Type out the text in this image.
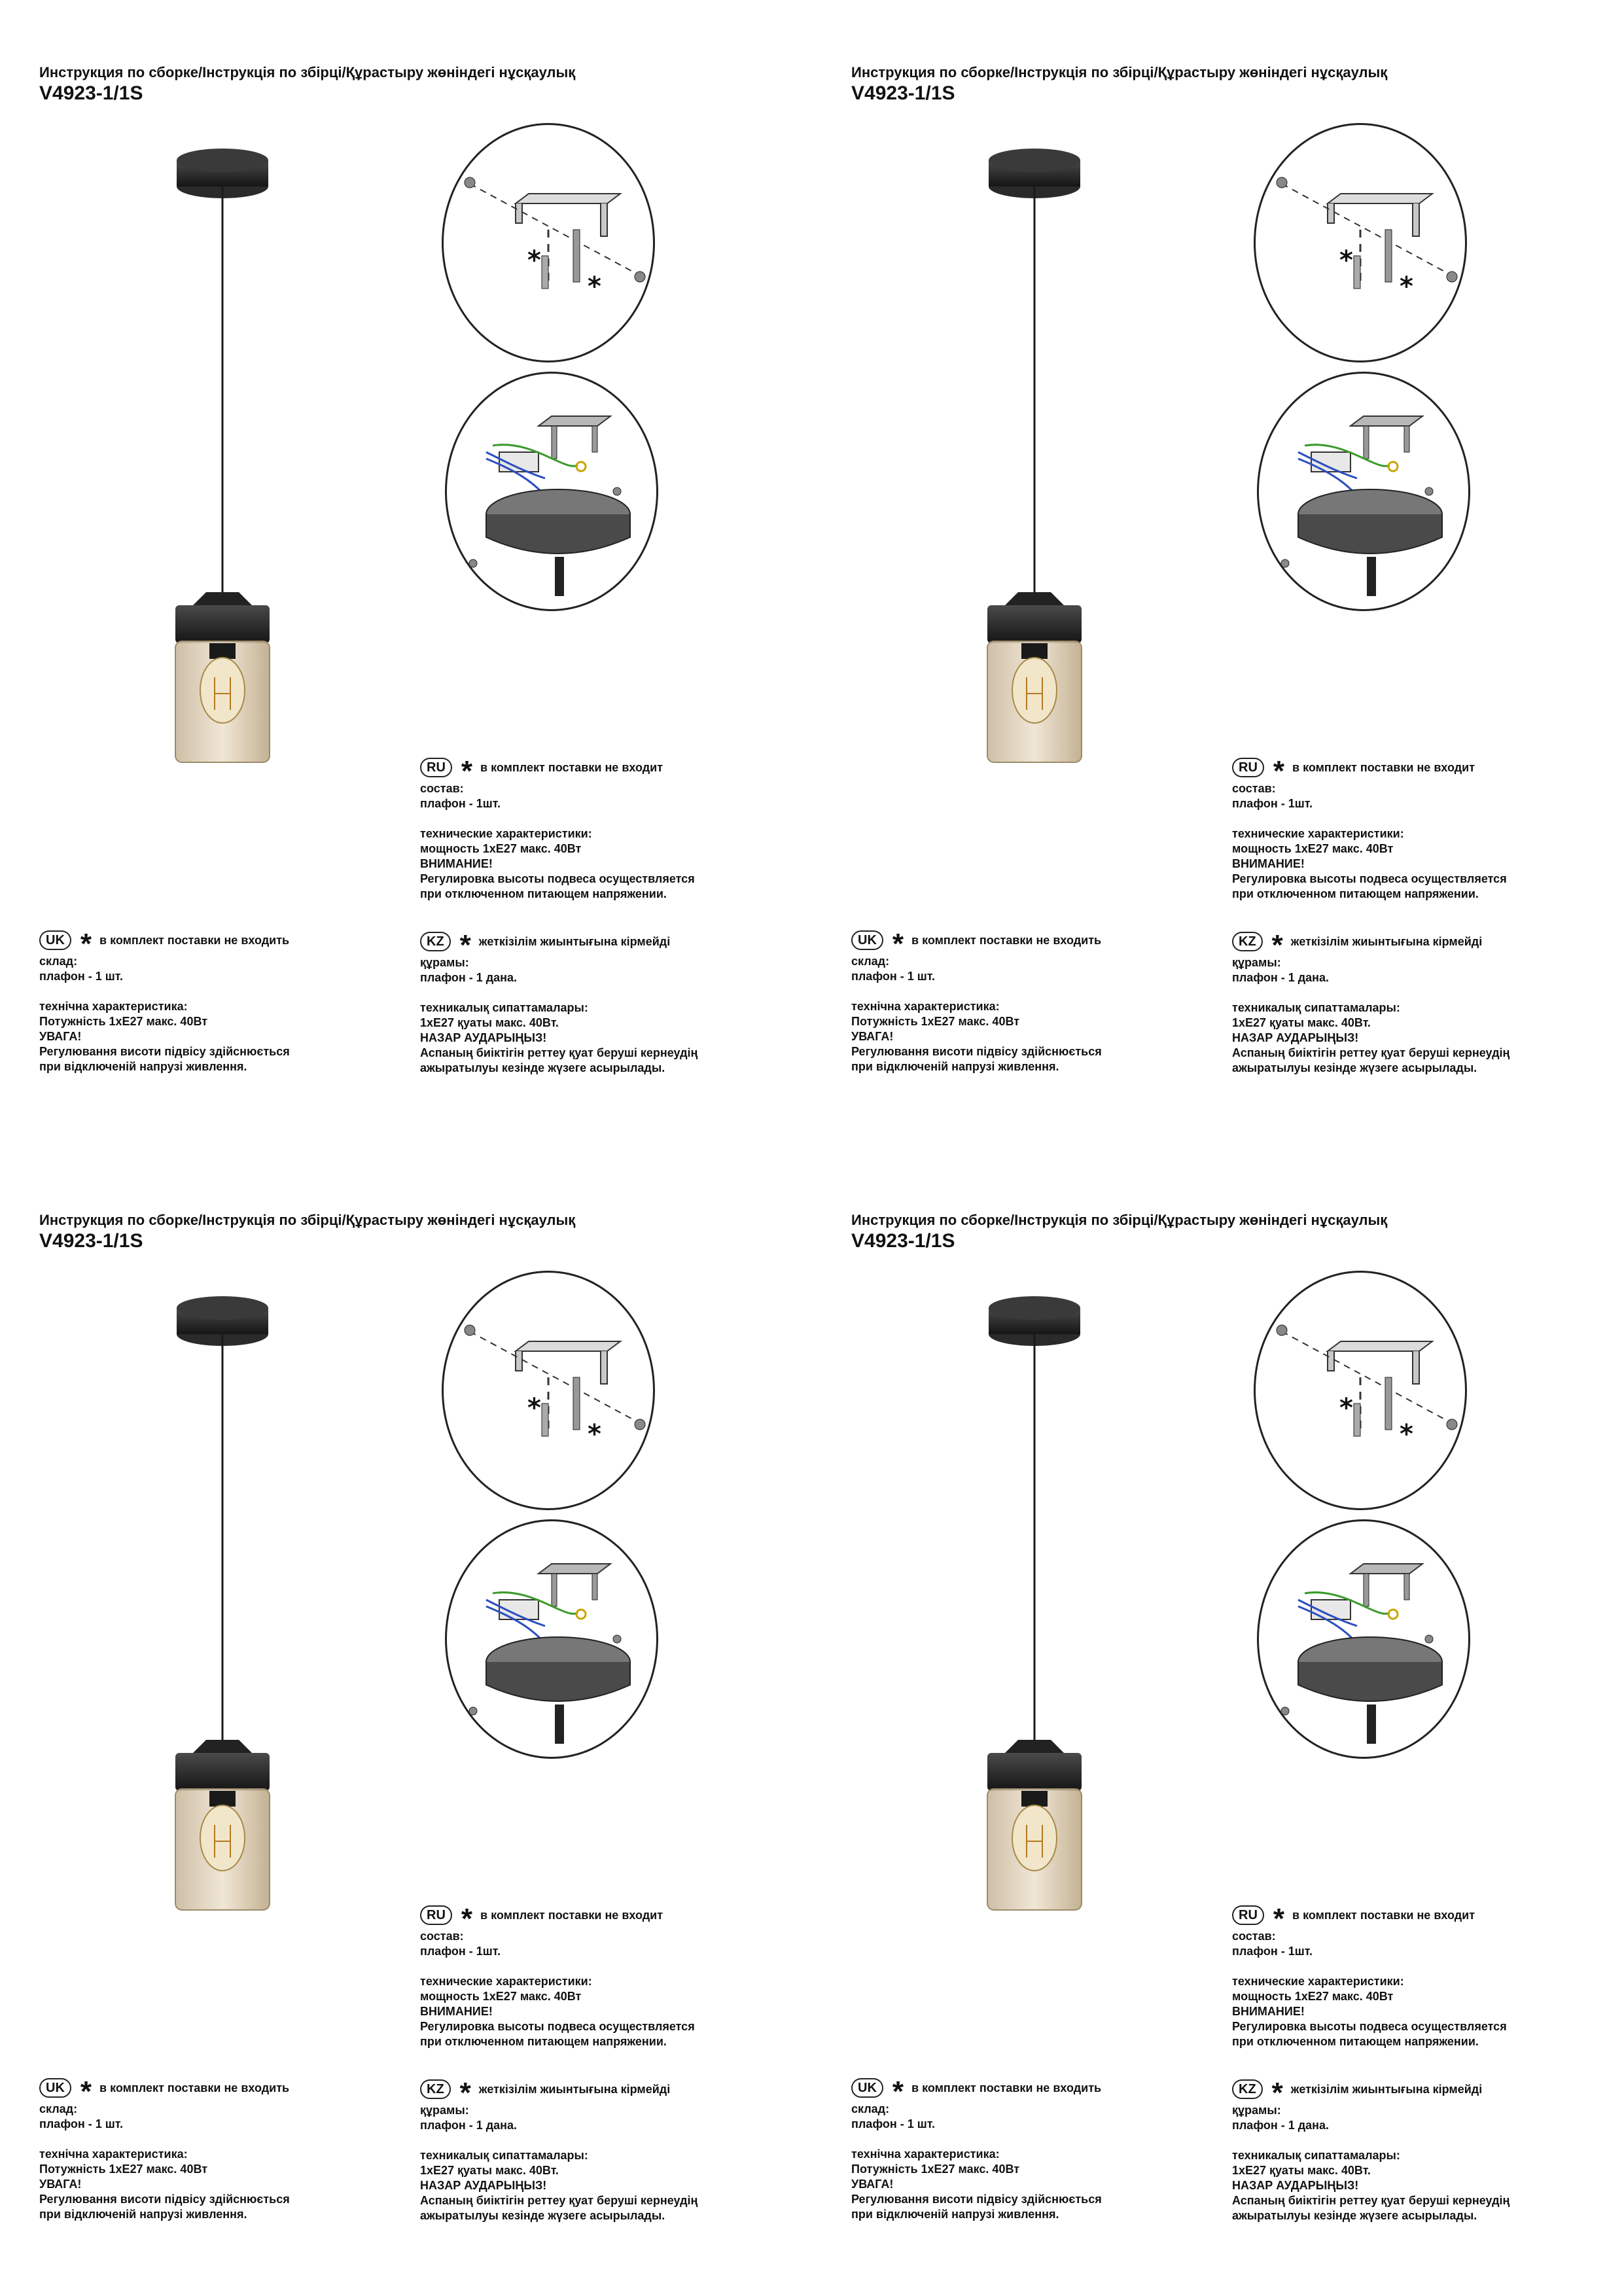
Инструкция по сборке/Інструкція по збірці/Құрастыру жөніндегі нұсқаулық
V4923-1/1S
*
*
RU * в комплект поставки не входит
состав:
плафон - 1шт.
технические характеристики:
мощность 1хЕ27 макс. 40Вт
ВНИМАНИЕ!
Регулировка высоты подвеса осуществляется
при отключенном питающем напряжении.
UK * в комплект поставки не входить
склад:
плафон - 1 шт.
технічна характеристика:
Потужність 1хЕ27 макс. 40Вт
УВАГА!
Регулювання висоти підвісу здійснюється
при відключеній напрузі живлення.
KZ * жеткізілім жиынтығына кірмейді
құрамы:
плафон - 1 дана.
техникалық сипаттамалары:
1хЕ27 қуаты макс. 40Вт.
НАЗАР АУДАРЫҢЫЗ!
Аспаның биіктігін реттеу қуат беруші кернеудің
ажыратылуы кезінде жүзеге асырылады.
Инструкция по сборке/Інструкція по збірці/Құрастыру жөніндегі нұсқаулық
V4923-1/1S
*
*
RU * в комплект поставки не входит
состав:
плафон - 1шт.
технические характеристики:
мощность 1хЕ27 макс. 40Вт
ВНИМАНИЕ!
Регулировка высоты подвеса осуществляется
при отключенном питающем напряжении.
UK * в комплект поставки не входить
склад:
плафон - 1 шт.
технічна характеристика:
Потужність 1хЕ27 макс. 40Вт
УВАГА!
Регулювання висоти підвісу здійснюється
при відключеній напрузі живлення.
KZ * жеткізілім жиынтығына кірмейді
құрамы:
плафон - 1 дана.
техникалық сипаттамалары:
1хЕ27 қуаты макс. 40Вт.
НАЗАР АУДАРЫҢЫЗ!
Аспаның биіктігін реттеу қуат беруші кернеудің
ажыратылуы кезінде жүзеге асырылады.
Инструкция по сборке/Інструкція по збірці/Құрастыру жөніндегі нұсқаулық
V4923-1/1S
*
*
RU * в комплект поставки не входит
состав:
плафон - 1шт.
технические характеристики:
мощность 1хЕ27 макс. 40Вт
ВНИМАНИЕ!
Регулировка высоты подвеса осуществляется
при отключенном питающем напряжении.
UK * в комплект поставки не входить
склад:
плафон - 1 шт.
технічна характеристика:
Потужність 1хЕ27 макс. 40Вт
УВАГА!
Регулювання висоти підвісу здійснюється
при відключеній напрузі живлення.
KZ * жеткізілім жиынтығына кірмейді
құрамы:
плафон - 1 дана.
техникалық сипаттамалары:
1хЕ27 қуаты макс. 40Вт.
НАЗАР АУДАРЫҢЫЗ!
Аспаның биіктігін реттеу қуат беруші кернеудің
ажыратылуы кезінде жүзеге асырылады.
Инструкция по сборке/Інструкція по збірці/Құрастыру жөніндегі нұсқаулық
V4923-1/1S
*
*
RU * в комплект поставки не входит
состав:
плафон - 1шт.
технические характеристики:
мощность 1хЕ27 макс. 40Вт
ВНИМАНИЕ!
Регулировка высоты подвеса осуществляется
при отключенном питающем напряжении.
UK * в комплект поставки не входить
склад:
плафон - 1 шт.
технічна характеристика:
Потужність 1хЕ27 макс. 40Вт
УВАГА!
Регулювання висоти підвісу здійснюється
при відключеній напрузі живлення.
KZ * жеткізілім жиынтығына кірмейді
құрамы:
плафон - 1 дана.
техникалық сипаттамалары:
1хЕ27 қуаты макс. 40Вт.
НАЗАР АУДАРЫҢЫЗ!
Аспаның биіктігін реттеу қуат беруші кернеудің
ажыратылуы кезінде жүзеге асырылады.
